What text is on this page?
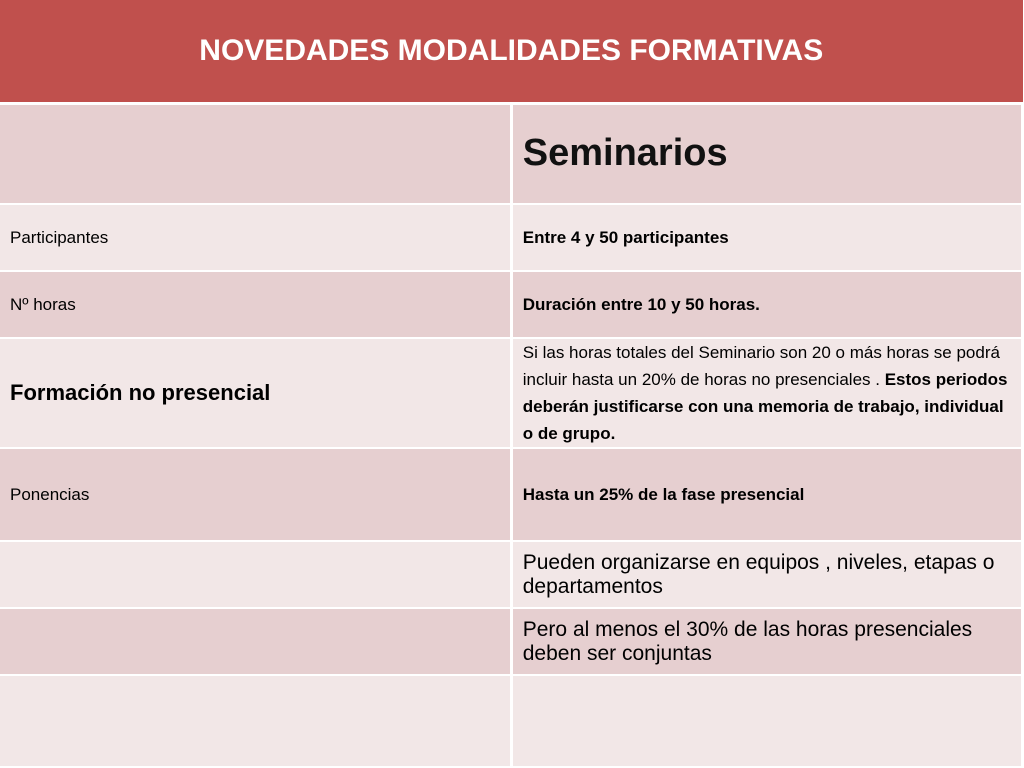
NOVEDADES MODALIDADES FORMATIVAS	
	Seminarios
Participantes	Entre 4 y 50 participantes
Nº horas	Duración entre 10 y 50 horas.
Formación no presencial	Si las horas totales del Seminario son 20 o más horas se podrá incluir hasta un 20% de horas no presenciales . Estos periodos deberán justificarse con una memoria de trabajo, individual o de grupo.
Ponencias	Hasta un 25% de la fase presencial
	Pueden organizarse en equipos , niveles, etapas o departamentos
	Pero al menos el 30% de las horas presenciales deben ser conjuntas
